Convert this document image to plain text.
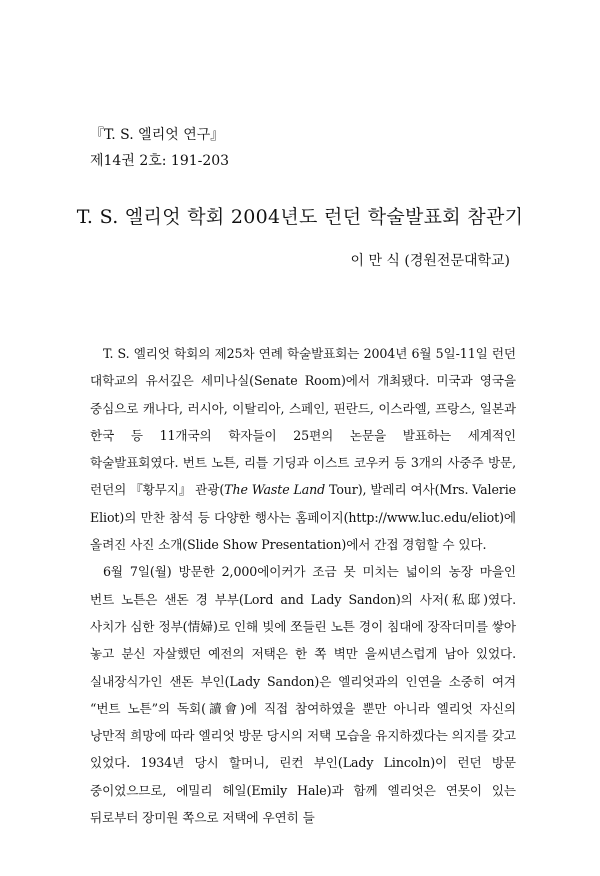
『T. S. 엘리엇 연구』
제14권 2호: 191-203
T. S. 엘리엇 학회 2004년도 런던 학술발표회 참관기
이 만 식 (경원전문대학교)

T. S. 엘리엇 학회의 제25차 연례 학술발표회는 2004년 6월 5일-11일 런던 대학교의 유서깊은 세미나실(Senate Room)에서 개최됐다. 미국과 영국을 중심으로 캐나다, 러시아, 이탈리아, 스페인, 핀란드, 이스라엘, 프랑스, 일본과 한국 등 11개국의 학자들이 25편의 논문을 발표하는 세계적인 학술발표회였다. 번트 노튼, 리틀 기딩과 이스트 코우커 등 3개의 사중주 방문, 런던의 『황무지』 관광(The Waste Land Tour), 발레리 여사(Mrs. Valerie Eliot)의 만찬 참석 등 다양한 행사는 홈페이지(http://www.luc.edu/eliot)에 올려진 사진 소개(Slide Show Presentation)에서 간접 경험할 수 있다.

6월 7일(월) 방문한 2,000에이커가 조금 못 미치는 넓이의 농장 마을인 번트 노튼은 샌돈 경 부부(Lord and Lady Sandon)의 사저(私邸)였다. 사치가 심한 정부(情婦)로 인해 빚에 쪼들린 노튼 경이 침대에 장작더미를 쌓아 놓고 분신 자살했던 예전의 저택은 한 쪽 벽만 을씨년스럽게 남아 있었다. 실내장식가인 샌돈 부인(Lady Sandon)은 엘리엇과의 인연을 소중히 여겨 “번트 노튼”의 독회(讀會)에 직접 참여하였을 뿐만 아니라 엘리엇 자신의 낭만적 희망에 따라 엘리엇 방문 당시의 저택 모습을 유지하겠다는 의지를 갖고 있었다. 1934년 당시 할머니, 린컨 부인(Lady Lincoln)이 런던 방문 중이었으므로, 에밀리 헤일(Emily Hale)과 함께 엘리엇은 연못이 있는 뒤로부터 장미원 쪽으로 저택에 우연히 들
